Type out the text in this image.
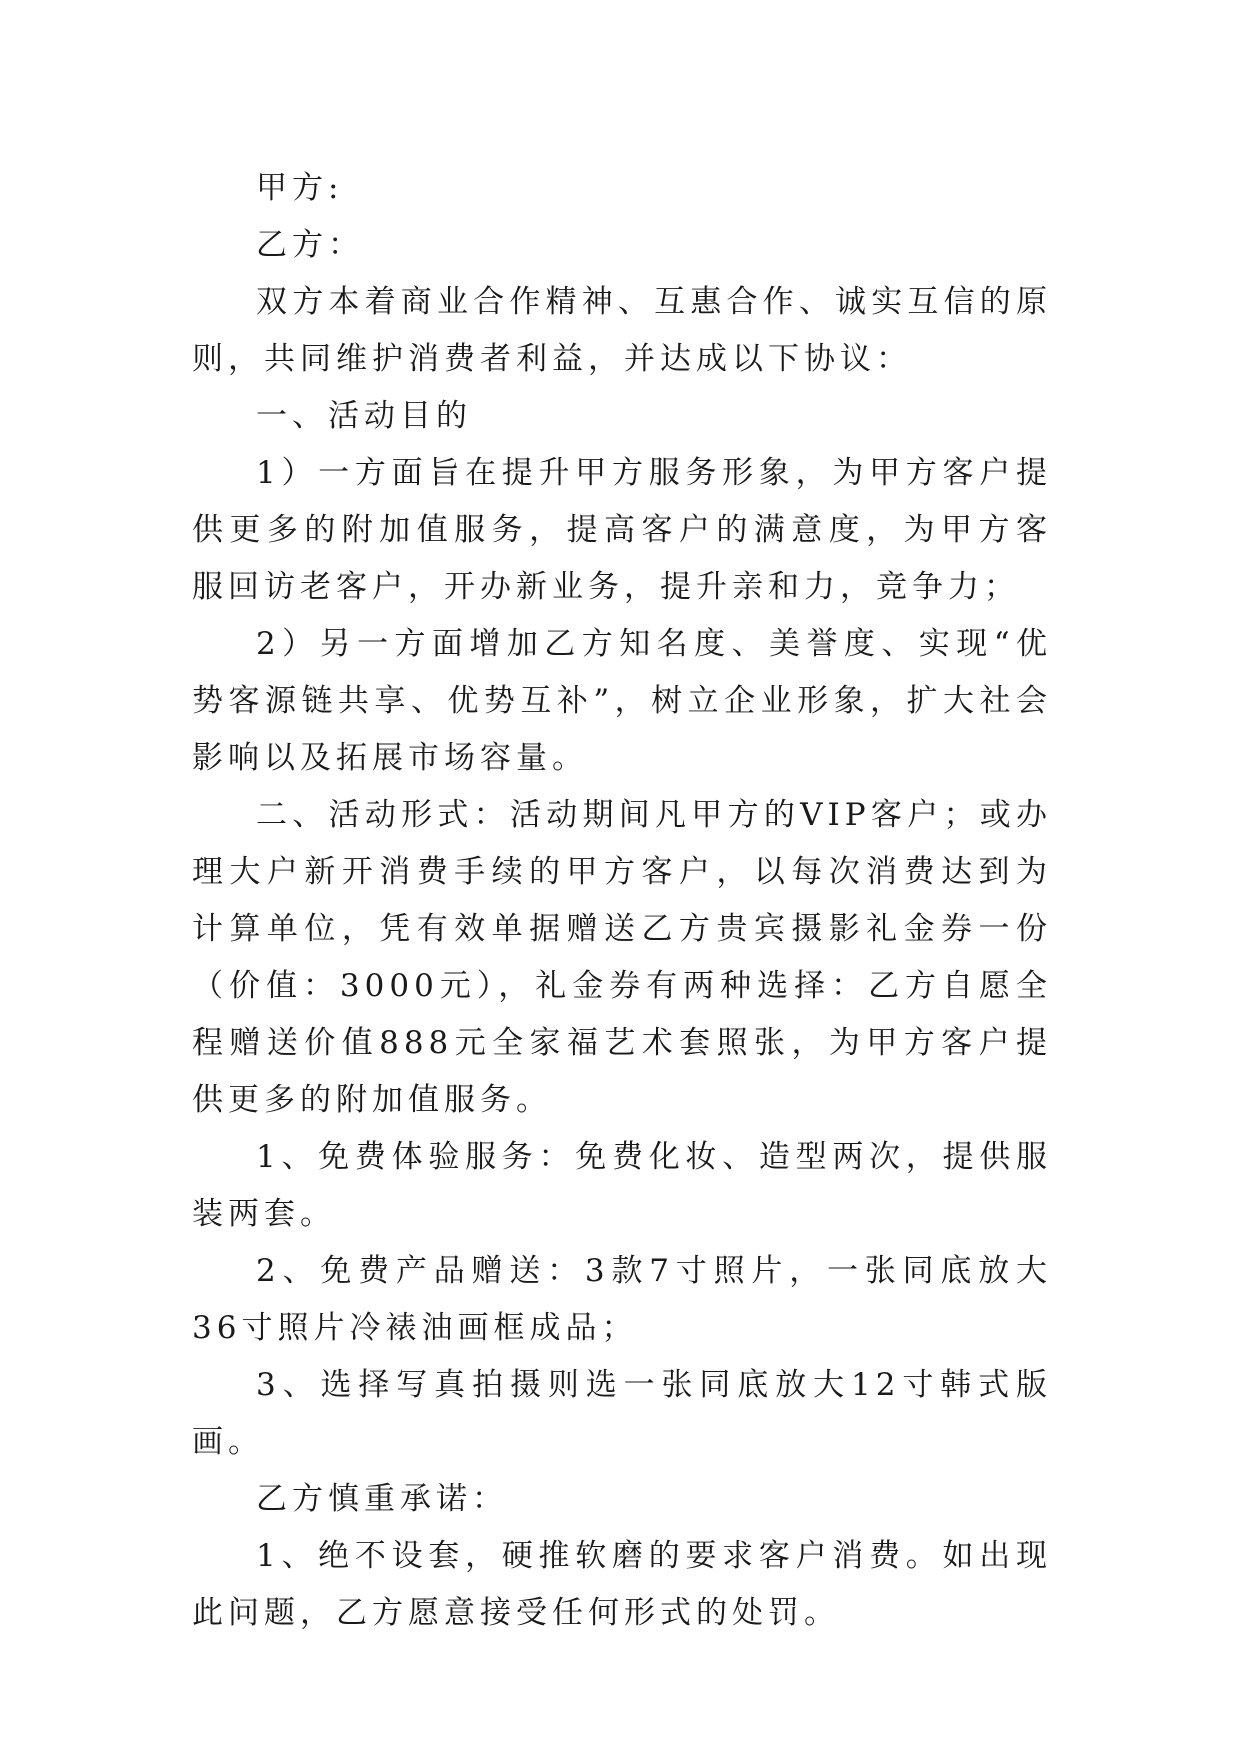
甲方:

乙方：

双方本着商业合作精神、互惠合作、诚实互信的原则，共同维护消费者利益，并达成以下协议：

一、活动目的

1）一方面旨在提升甲方服务形象，为甲方客户提供更多的附加值服务，提高客户的满意度，为甲方客服回访老客户，开办新业务，提升亲和力，竞争力；

2）另一方面增加乙方知名度、美誉度、实现“优势客源链共享、优势互补”，树立企业形象，扩大社会影响以及拓展市场容量。

二、活动形式：活动期间凡甲方的VIP客户；或办理大户新开消费手续的甲方客户，以每次消费达到为计算单位，凭有效单据赠送乙方贵宾摄影礼金券一份（价值：3000元），礼金券有两种选择：乙方自愿全程赠送价值888元全家福艺术套照张，为甲方客户提供更多的附加值服务。

1、免费体验服务：免费化妆、造型两次，提供服装两套。

2、免费产品赠送：3款7寸照片，一张同底放大36寸照片冷裱油画框成品；

3、选择写真拍摄则选一张同底放大12寸韩式版画。

乙方慎重承诺：

1、绝不设套，硬推软磨的要求客户消费。如出现此问题，乙方愿意接受任何形式的处罚。
